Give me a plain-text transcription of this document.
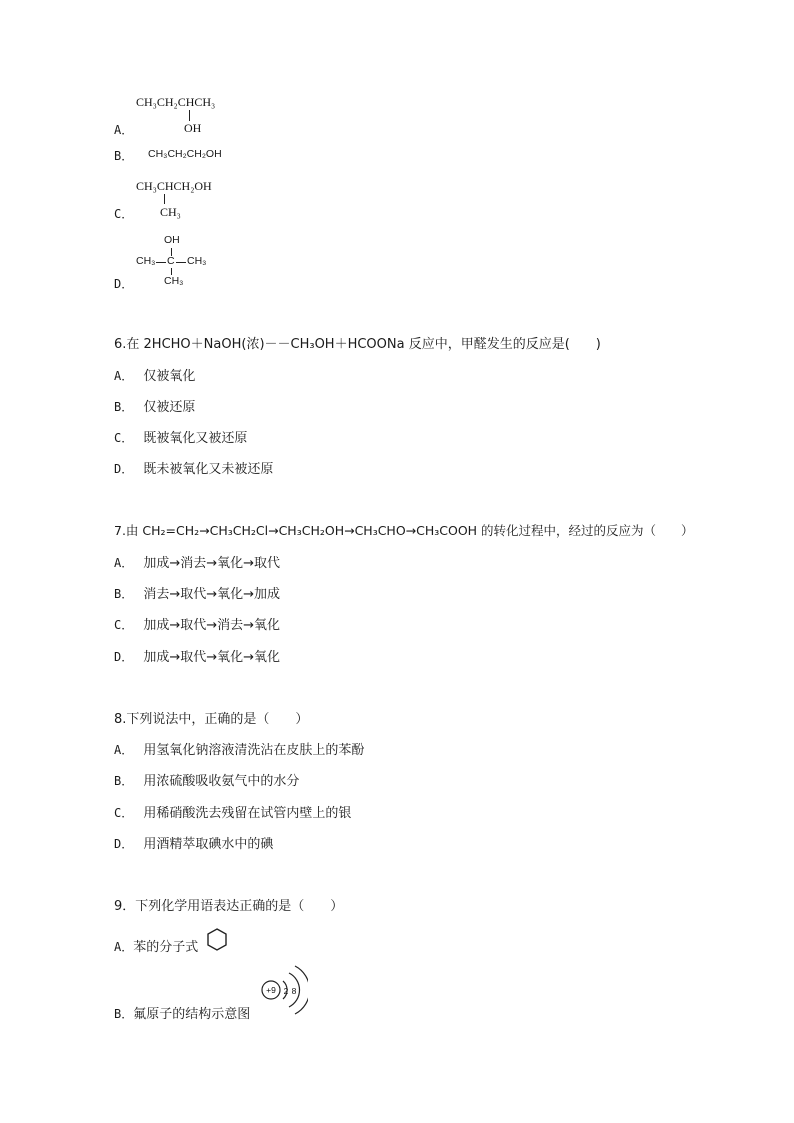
CH₃CH₂CHCH₃
A．	OH
B． CH₃CH₂CH₂OH
CH₃CHCH₂OH
C． CH₃
OH
CH₃ C CH₃
D．	CH₃
6.在 2HCHO＋NaOH(浓)－－CH₃OH＋HCOONa 反应中，甲醛发生的反应是(　　)
A． 仅被氧化
B． 仅被还原
C． 既被氧化又被还原
D． 既未被氧化又未被还原
7.由 CH₂=CH₂→CH₃CH₂Cl→CH₃CH₂OH→CH₃CHO→CH₃COOH 的转化过程中，经过的反应为（　　）
A． 加成→消去→氧化→取代
B． 消去→取代→氧化→加成
C． 加成→取代→消去→氧化
D． 加成→取代→氧化→氧化
8.下列说法中，正确的是（　　）
A． 用氢氧化钠溶液清洗沾在皮肤上的苯酚
B． 用浓硫酸吸收氨气中的水分
C． 用稀硝酸洗去残留在试管内壁上的银
D． 用酒精萃取碘水中的碘
9．下列化学用语表达正确的是（　　）
A．苯的分子式
B．氟原子的结构示意图
+9 2 8
